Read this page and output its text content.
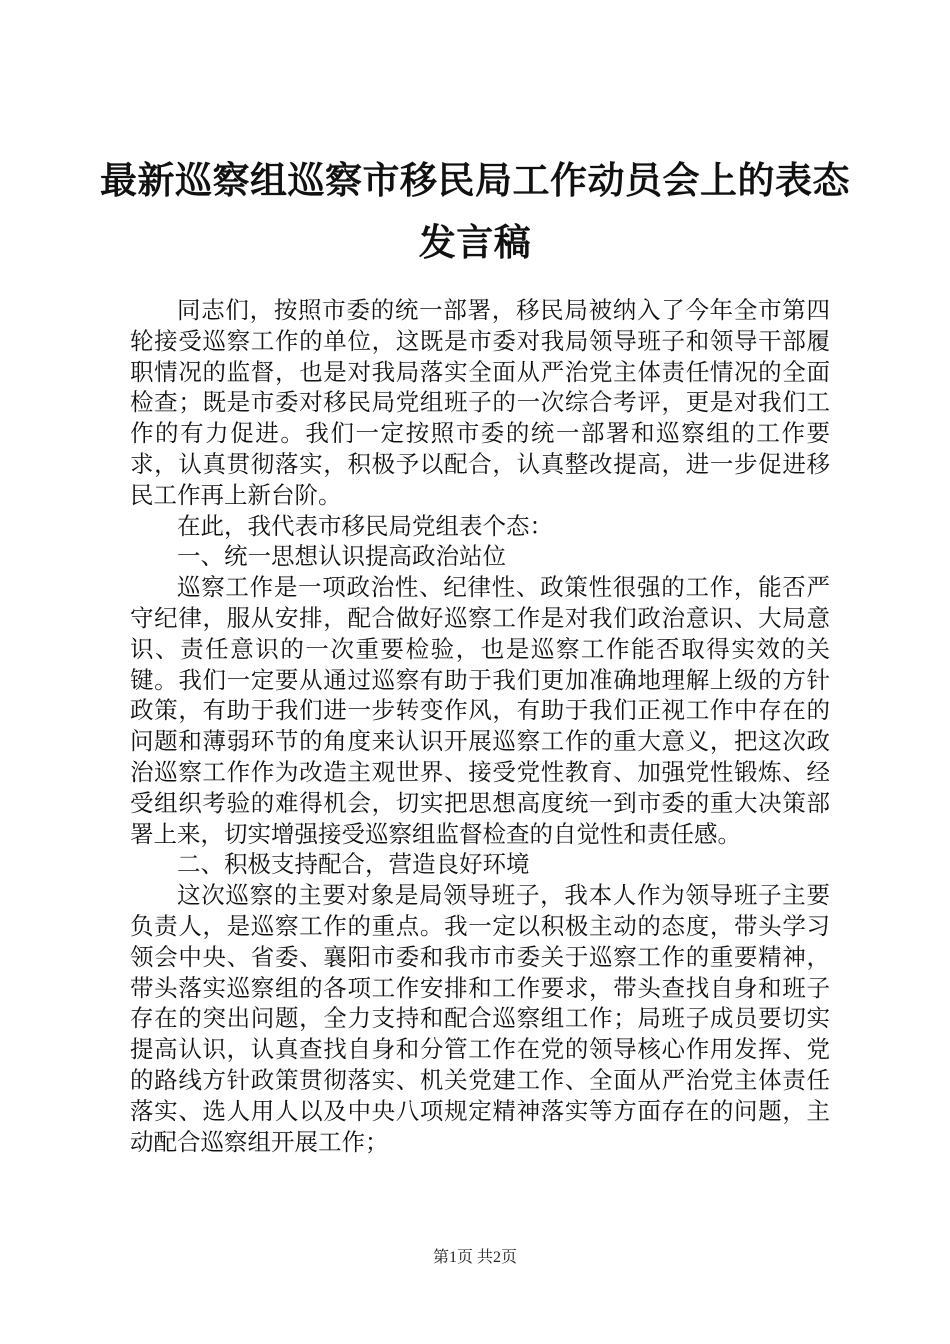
最新巡察组巡察市移民局工作动员会上的表态
发言稿

同志们，按照市委的统一部署，移民局被纳入了今年全市第四轮接受巡察工作的单位，这既是市委对我局领导班子和领导干部履职情况的监督，也是对我局落实全面从严治党主体责任情况的全面检查；既是市委对移民局党组班子的一次综合考评，更是对我们工作的有力促进。我们一定按照市委的统一部署和巡察组的工作要求，认真贯彻落实，积极予以配合，认真整改提高，进一步促进移民工作再上新台阶。

在此，我代表市移民局党组表个态：

一、统一思想认识提高政治站位

巡察工作是一项政治性、纪律性、政策性很强的工作，能否严守纪律，服从安排，配合做好巡察工作是对我们政治意识、大局意识、责任意识的一次重要检验，也是巡察工作能否取得实效的关键。我们一定要从通过巡察有助于我们更加准确地理解上级的方针政策，有助于我们进一步转变作风，有助于我们正视工作中存在的问题和薄弱环节的角度来认识开展巡察工作的重大意义，把这次政治巡察工作作为改造主观世界、接受党性教育、加强党性锻炼、经受组织考验的难得机会，切实把思想高度统一到市委的重大决策部署上来，切实增强接受巡察组监督检查的自觉性和责任感。

二、积极支持配合，营造良好环境

这次巡察的主要对象是局领导班子，我本人作为领导班子主要负责人，是巡察工作的重点。我一定以积极主动的态度，带头学习领会中央、省委、襄阳市委和我市市委关于巡察工作的重要精神，带头落实巡察组的各项工作安排和工作要求，带头查找自身和班子存在的突出问题，全力支持和配合巡察组工作；局班子成员要切实提高认识，认真查找自身和分管工作在党的领导核心作用发挥、党的路线方针政策贯彻落实、机关党建工作、全面从严治党主体责任落实、选人用人以及中央八项规定精神落实等方面存在的问题，主动配合巡察组开展工作；

第1页 共2页
